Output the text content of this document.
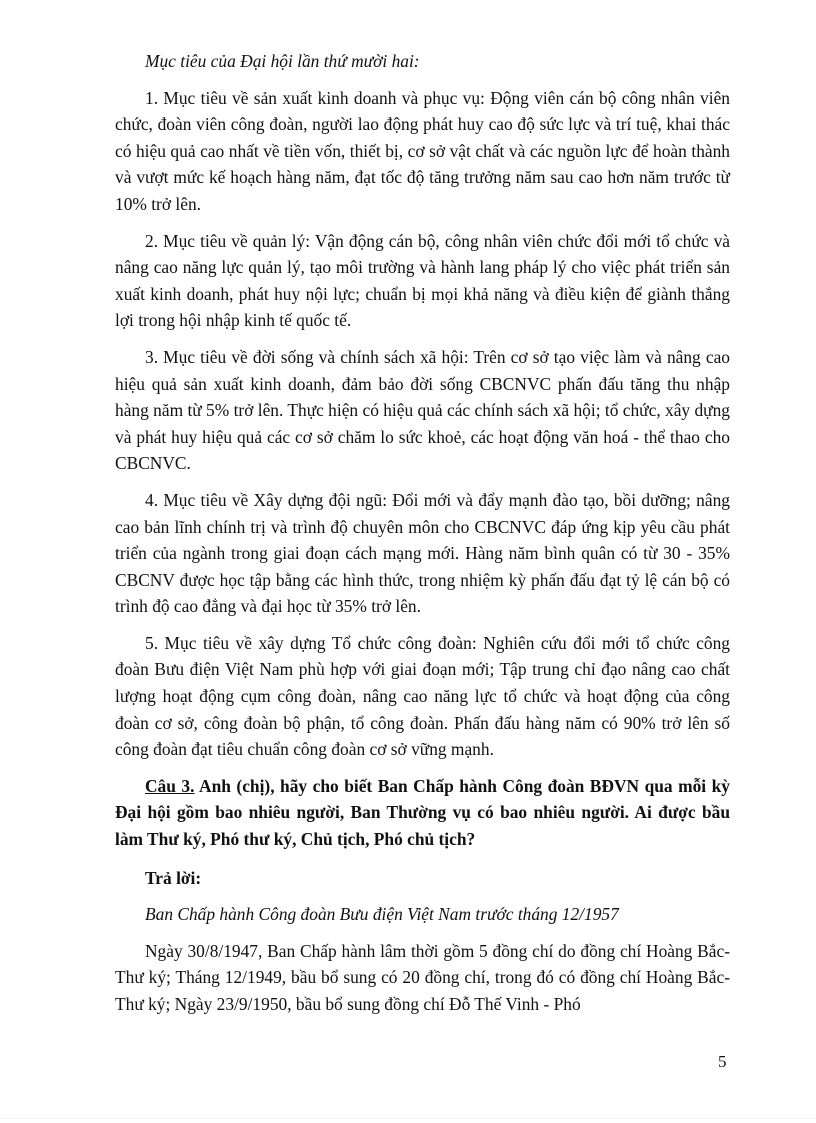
Mục tiêu của Đại hội lần thứ mười hai:

1. Mục tiêu về sản xuất kinh doanh và phục vụ: Động viên cán bộ công nhân viên chức, đoàn viên công đoàn, người lao động phát huy cao độ sức lực và trí tuệ, khai thác có hiệu quả cao nhất về tiền vốn, thiết bị, cơ sở vật chất và các nguồn lực để hoàn thành và vượt mức kế hoạch hàng năm, đạt tốc độ tăng trưởng năm sau cao hơn năm trước từ 10% trở lên.

2. Mục tiêu về quản lý: Vận động cán bộ, công nhân viên chức đổi mới tổ chức và nâng cao năng lực quản lý, tạo môi trường và hành lang pháp lý cho việc phát triển sản xuất kinh doanh, phát huy nội lực; chuẩn bị mọi khả năng và điều kiện để giành thắng lợi trong hội nhập kinh tế quốc tế.

3. Mục tiêu về đời sống và chính sách xã hội: Trên cơ sở tạo việc làm và nâng cao hiệu quả sản xuất kinh doanh, đảm bảo đời sống CBCNVC phấn đấu tăng thu nhập hàng năm từ 5% trở lên. Thực hiện có hiệu quả các chính sách xã hội; tổ chức, xây dựng và phát huy hiệu quả các cơ sở chăm lo sức khoẻ, các hoạt động văn hoá - thể thao cho CBCNVC.

4. Mục tiêu về Xây dựng đội ngũ: Đổi mới và đẩy mạnh đào tạo, bồi dưỡng; nâng cao bản lĩnh chính trị và trình độ chuyên môn cho CBCNVC đáp ứng kịp yêu cầu phát triển của ngành trong giai đoạn cách mạng mới. Hàng năm bình quân có từ 30 - 35% CBCNV được học tập bằng các hình thức, trong nhiệm kỳ phấn đấu đạt tỷ lệ cán bộ có trình độ cao đẳng và đại học từ 35% trở lên.

5. Mục tiêu về xây dựng Tổ chức công đoàn: Nghiên cứu đổi mới tổ chức công đoàn Bưu điện Việt Nam phù hợp với giai đoạn mới; Tập trung chỉ đạo nâng cao chất lượng hoạt động cụm công đoàn, nâng cao năng lực tổ chức và hoạt động của công đoàn cơ sở, công đoàn bộ phận, tổ công đoàn. Phấn đấu hàng năm có 90% trở lên số công đoàn đạt tiêu chuẩn công đoàn cơ sở vững mạnh.

Câu 3. Anh (chị), hãy cho biết Ban Chấp hành Công đoàn BĐVN qua mỗi kỳ Đại hội gồm bao nhiêu người, Ban Thường vụ có bao nhiêu người. Ai được bầu làm Thư ký, Phó thư ký, Chủ tịch, Phó chủ tịch?

Trả lời:

Ban Chấp hành Công đoàn Bưu điện Việt Nam trước tháng 12/1957

Ngày 30/8/1947, Ban Chấp hành lâm thời gồm 5 đồng chí do đồng chí Hoàng Bắc-Thư ký; Tháng 12/1949, bầu bổ sung có 20 đồng chí, trong đó có đồng chí Hoàng Bắc-Thư ký; Ngày 23/9/1950, bầu bổ sung đồng chí Đỗ Thế Vinh - Phó

5
